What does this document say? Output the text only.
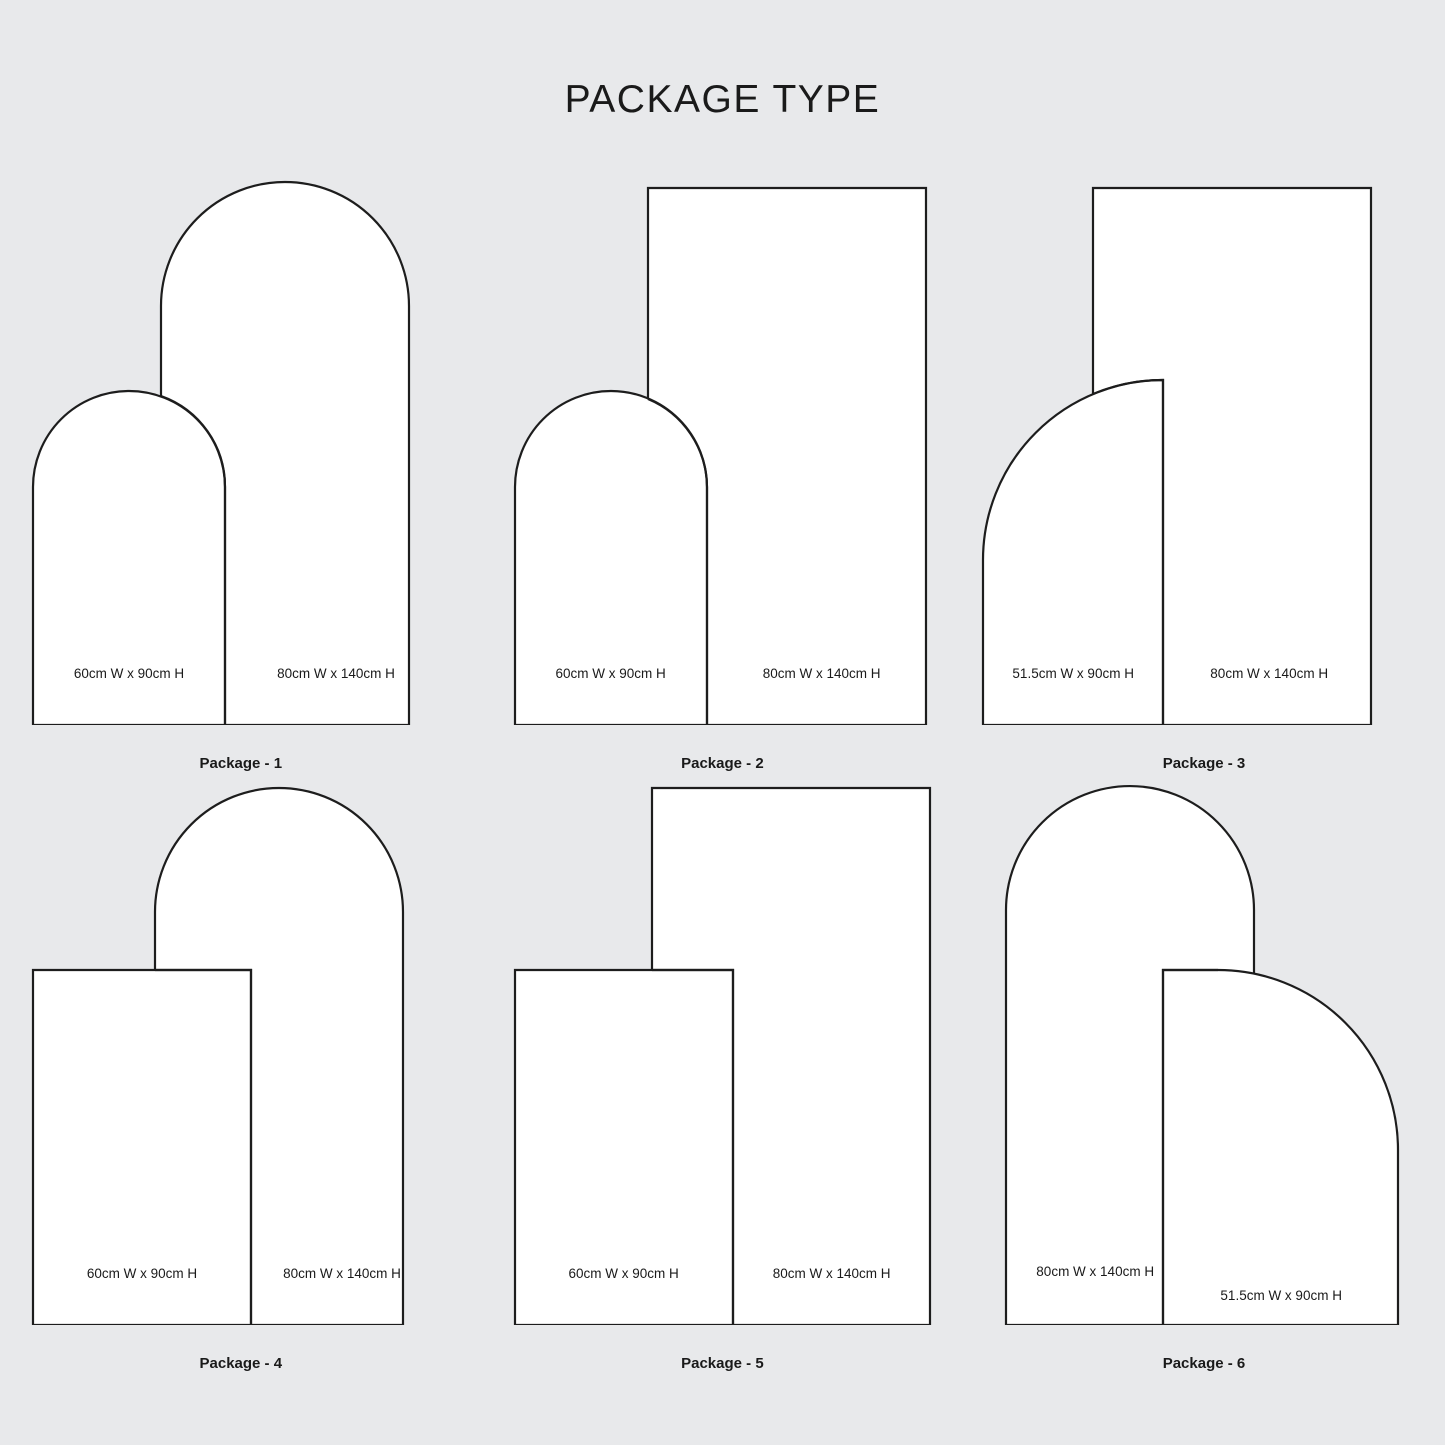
PACKAGE TYPE
60cm W x 90cm H	80cm W x 140cm H
Package - 1
60cm W x 90cm H	80cm W x 140cm H
Package - 2
51.5cm W x 90cm H	80cm W x 140cm H
Package - 3
60cm W x 90cm H	80cm W x 140cm H
Package - 4
60cm W x 90cm H	80cm W x 140cm H
Package - 5
80cm W x 140cm H
51.5cm W x 90cm H
Package - 6
